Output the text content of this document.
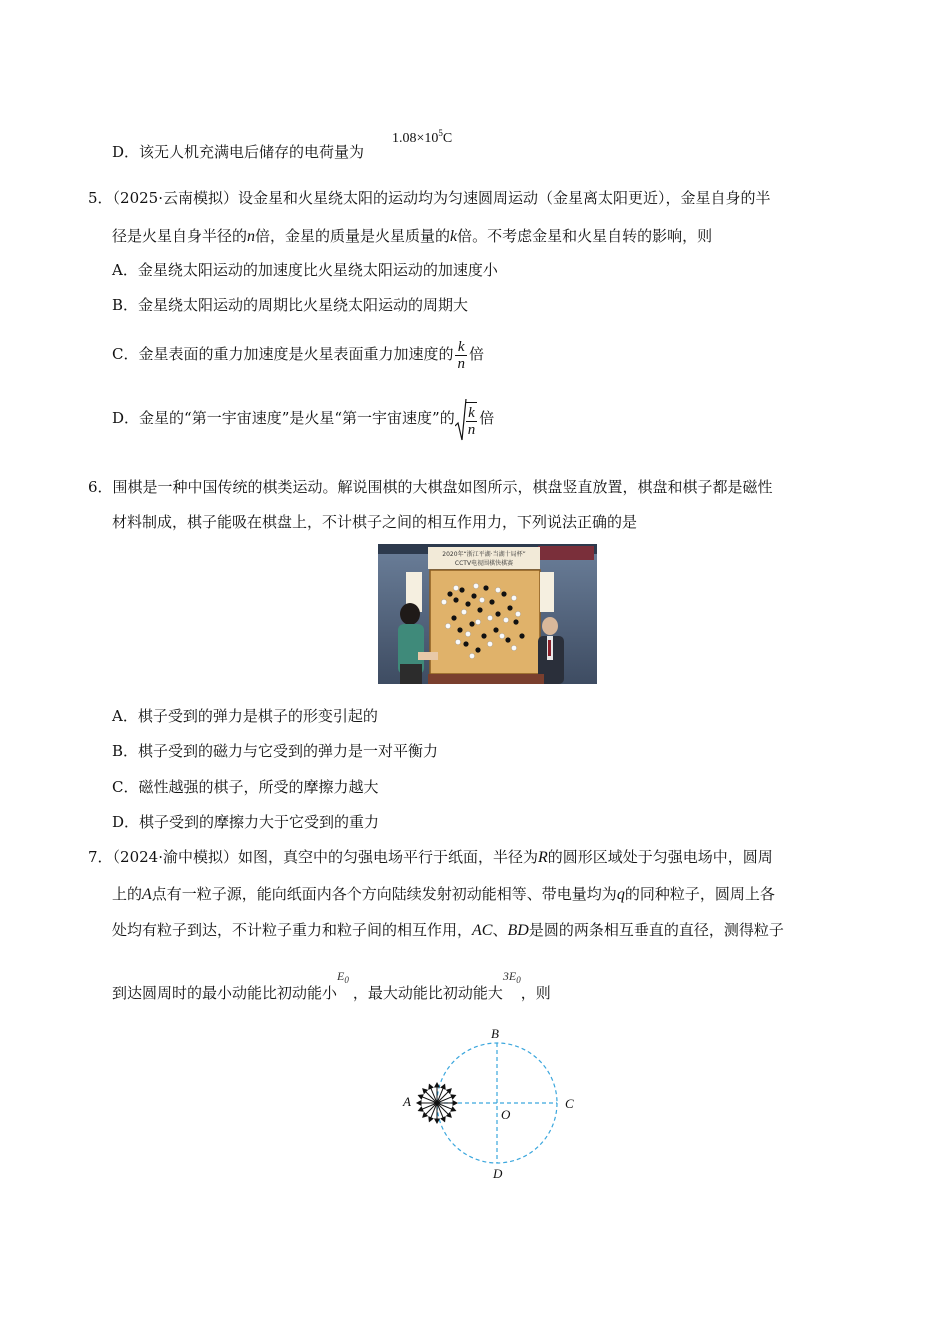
D．该无人机充满电后储存的电荷量为
$1.08\times 10^5C$
5．（2025·云南模拟）设金星和火星绕太阳的运动均为匀速圆周运动（金星离太阳更近），金星自身的半
径是火星自身半径的n倍，金星的质量是火星质量的k倍。不考虑金星和火星自转的影响，则
A．金星绕太阳运动的加速度比火星绕太阳运动的加速度小
B．金星绕太阳运动的周期比火星绕太阳运动的周期大
C．金星表面的重力加速度是火星表面重力加速度的 $\frac{k}{n}$ 倍
D．金星的“第一宇宙速度”是火星“第一宇宙速度”的 $\frac{k}{n}$ 倍
6．围棋是一种中国传统的棋类运动。解说围棋的大棋盘如图所示，棋盘竖直放置，棋盘和棋子都是磁性
材料制成，棋子能吸在棋盘上，不计棋子之间的相互作用力，下列说法正确的是
2020年“浙江平湖·当湖十局杯”
CCTV电视围棋快棋赛
A．棋子受到的弹力是棋子的形变引起的
B．棋子受到的磁力与它受到的弹力是一对平衡力
C．磁性越强的棋子，所受的摩擦力越大
D．棋子受到的摩擦力大于它受到的重力
7．（2024·渝中模拟）如图，真空中的匀强电场平行于纸面，半径为R的圆形区域处于匀强电场中，圆周
上的A点有一粒子源，能向纸面内各个方向陆续发射初动能相等、带电量均为q的同种粒子，圆周上各
处均有粒子到达，不计粒子重力和粒子间的相互作用，AC、BD是圆的两条相互垂直的直径，测得粒子
到达圆周时的最小动能比初动能小$^{E_0}$，最大动能比初动能大$^{3E_0}$，则
A
B
C
D
O
